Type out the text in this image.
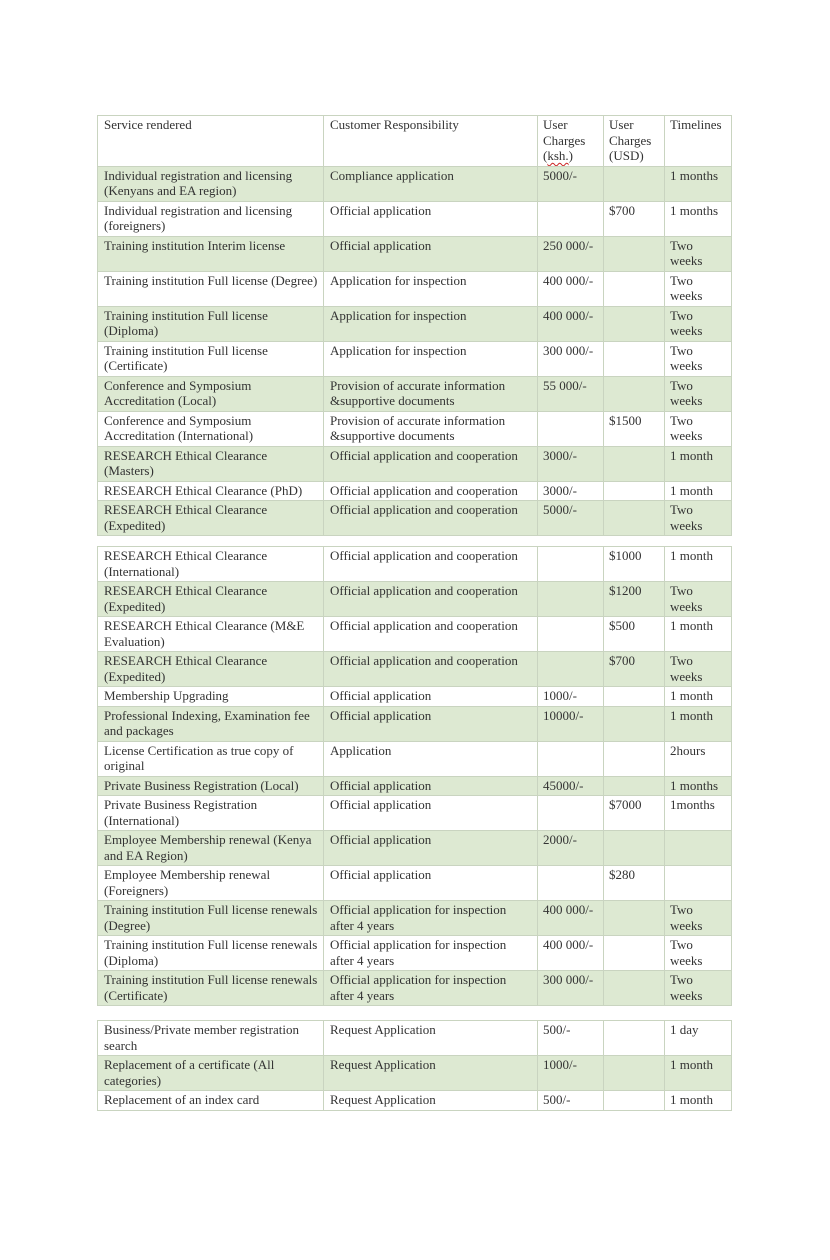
Service rendered	Customer Responsibility	User Charges (ksh.)	User Charges (USD)	Timelines
Individual registration and licensing (Kenyans and EA region)	Compliance application	5000/-		1 months
Individual registration and licensing (foreigners)	Official application		$700	1 months
Training institution Interim license	Official application	250 000/-		Two weeks
Training institution Full license (Degree)	Application for inspection	400 000/-		Two weeks
Training institution Full license (Diploma)	Application for inspection	400 000/-		Two weeks
Training institution Full license (Certificate)	Application for inspection	300 000/-		Two weeks
Conference and Symposium Accreditation (Local)	Provision of accurate information &supportive documents	55 000/-		Two weeks
Conference and Symposium Accreditation (International)	Provision of accurate information &supportive documents		$1500	Two weeks
RESEARCH Ethical Clearance (Masters)	Official application and cooperation	3000/-		1 month
RESEARCH Ethical Clearance (PhD)	Official application and cooperation	3000/-		1 month
RESEARCH Ethical Clearance (Expedited)	Official application and cooperation	5000/-		Two weeks
RESEARCH Ethical Clearance (International)	Official application and cooperation		$1000	1 month
RESEARCH Ethical Clearance (Expedited)	Official application and cooperation		$1200	Two weeks
RESEARCH Ethical Clearance (M&E Evaluation)	Official application and cooperation		$500	1 month
RESEARCH Ethical Clearance (Expedited)	Official application and cooperation		$700	Two weeks
Membership Upgrading	Official application	1000/-		1 month
Professional Indexing, Examination fee and packages	Official application	10000/-		1 month
License Certification as true copy of original	Application			2hours
Private Business Registration (Local)	Official application	45000/-		1 months
Private Business Registration (International)	Official application		$7000	1months
Employee Membership renewal (Kenya and EA Region)	Official application	2000/-		
Employee Membership renewal (Foreigners)	Official application		$280	
Training institution Full license renewals (Degree)	Official application for inspection after 4 years	400 000/-		Two weeks
Training institution Full license renewals (Diploma)	Official application for inspection after 4 years	400 000/-		Two weeks
Training institution Full license renewals (Certificate)	Official application for inspection after 4 years	300 000/-		Two weeks
Business/Private member registration search	Request Application	500/-		1 day
Replacement of a certificate (All categories)	Request Application	1000/-		1 month
Replacement of an index card	Request Application	500/-		1 month
